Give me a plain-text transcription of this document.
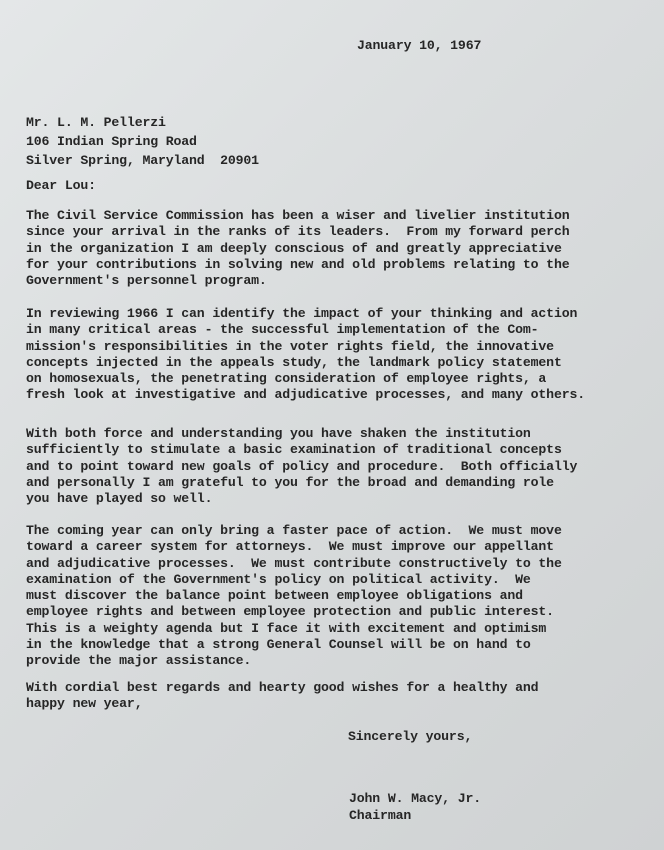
January 10, 1967
Mr. L. M. Pellerzi
106 Indian Spring Road
Silver Spring, Maryland  20901
Dear Lou:
The Civil Service Commission has been a wiser and livelier institution
since your arrival in the ranks of its leaders.  From my forward perch
in the organization I am deeply conscious of and greatly appreciative
for your contributions in solving new and old problems relating to the
Government's personnel program.
In reviewing 1966 I can identify the impact of your thinking and action
in many critical areas - the successful implementation of the Com-
mission's responsibilities in the voter rights field, the innovative
concepts injected in the appeals study, the landmark policy statement
on homosexuals, the penetrating consideration of employee rights, a
fresh look at investigative and adjudicative processes, and many others.
With both force and understanding you have shaken the institution
sufficiently to stimulate a basic examination of traditional concepts
and to point toward new goals of policy and procedure.  Both officially
and personally I am grateful to you for the broad and demanding role
you have played so well.
The coming year can only bring a faster pace of action.  We must move
toward a career system for attorneys.  We must improve our appellant
and adjudicative processes.  We must contribute constructively to the
examination of the Government's policy on political activity.  We
must discover the balance point between employee obligations and
employee rights and between employee protection and public interest.
This is a weighty agenda but I face it with excitement and optimism
in the knowledge that a strong General Counsel will be on hand to
provide the major assistance.
With cordial best regards and hearty good wishes for a healthy and
happy new year,
Sincerely yours,
John W. Macy, Jr.
Chairman
